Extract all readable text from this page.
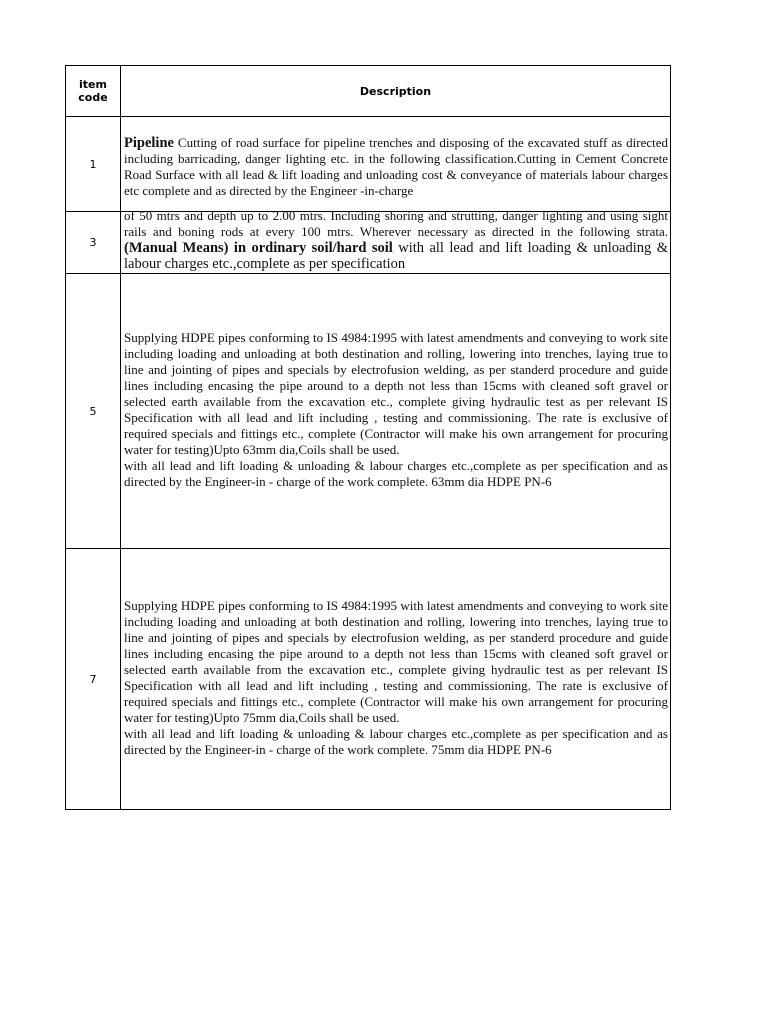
item
code	Description
1	Pipeline Cutting of road surface for pipeline trenches and disposing of the excavated stuff as directed including barricading, danger lighting etc. in the following classification.Cutting in Cement Concrete Road Surface with all lead & lift loading and unloading cost & conveyance of materials labour charges etc complete and as directed by the Engineer -in-charge

3	of 50 mtrs and depth up to 2.00 mtrs. Including shoring and strutting, danger lighting and using sight rails and boning rods at every 100 mtrs. Wherever necessary as directed in the following strata. (Manual Means) in ordinary soil/hard soil with all lead and lift loading & unloading & labour charges etc.,complete as per specification

5	Supplying HDPE pipes conforming to IS 4984:1995 with latest amendments and conveying to work site including loading and unloading at both destination and rolling, lowering into trenches, laying true to line and jointing of pipes and specials by electrofusion welding, as per standerd procedure and guide lines including encasing the pipe around to a depth not less than 15cms with cleaned soft gravel or selected earth available from the excavation etc., complete giving hydraulic test as per relevant IS Specification with all lead and lift including , testing and commissioning. The rate is exclusive of required specials and fittings etc., complete (Contractor will make his own arrangement for procuring water for testing)Upto 63mm dia,Coils shall be used.

with all lead and lift loading & unloading & labour charges etc.,complete as per specification and as directed by the Engineer-in - charge of the work complete. 63mm dia HDPE PN-6

7	Supplying HDPE pipes conforming to IS 4984:1995 with latest amendments and conveying to work site including loading and unloading at both destination and rolling, lowering into trenches, laying true to line and jointing of pipes and specials by electrofusion welding, as per standerd procedure and guide lines including encasing the pipe around to a depth not less than 15cms with cleaned soft gravel or selected earth available from the excavation etc., complete giving hydraulic test as per relevant IS Specification with all lead and lift including , testing and commissioning. The rate is exclusive of required specials and fittings etc., complete (Contractor will make his own arrangement for procuring water for testing)Upto 75mm dia,Coils shall be used.

with all lead and lift loading & unloading & labour charges etc.,complete as per specification and as directed by the Engineer-in - charge of the work complete. 75mm dia HDPE PN-6
